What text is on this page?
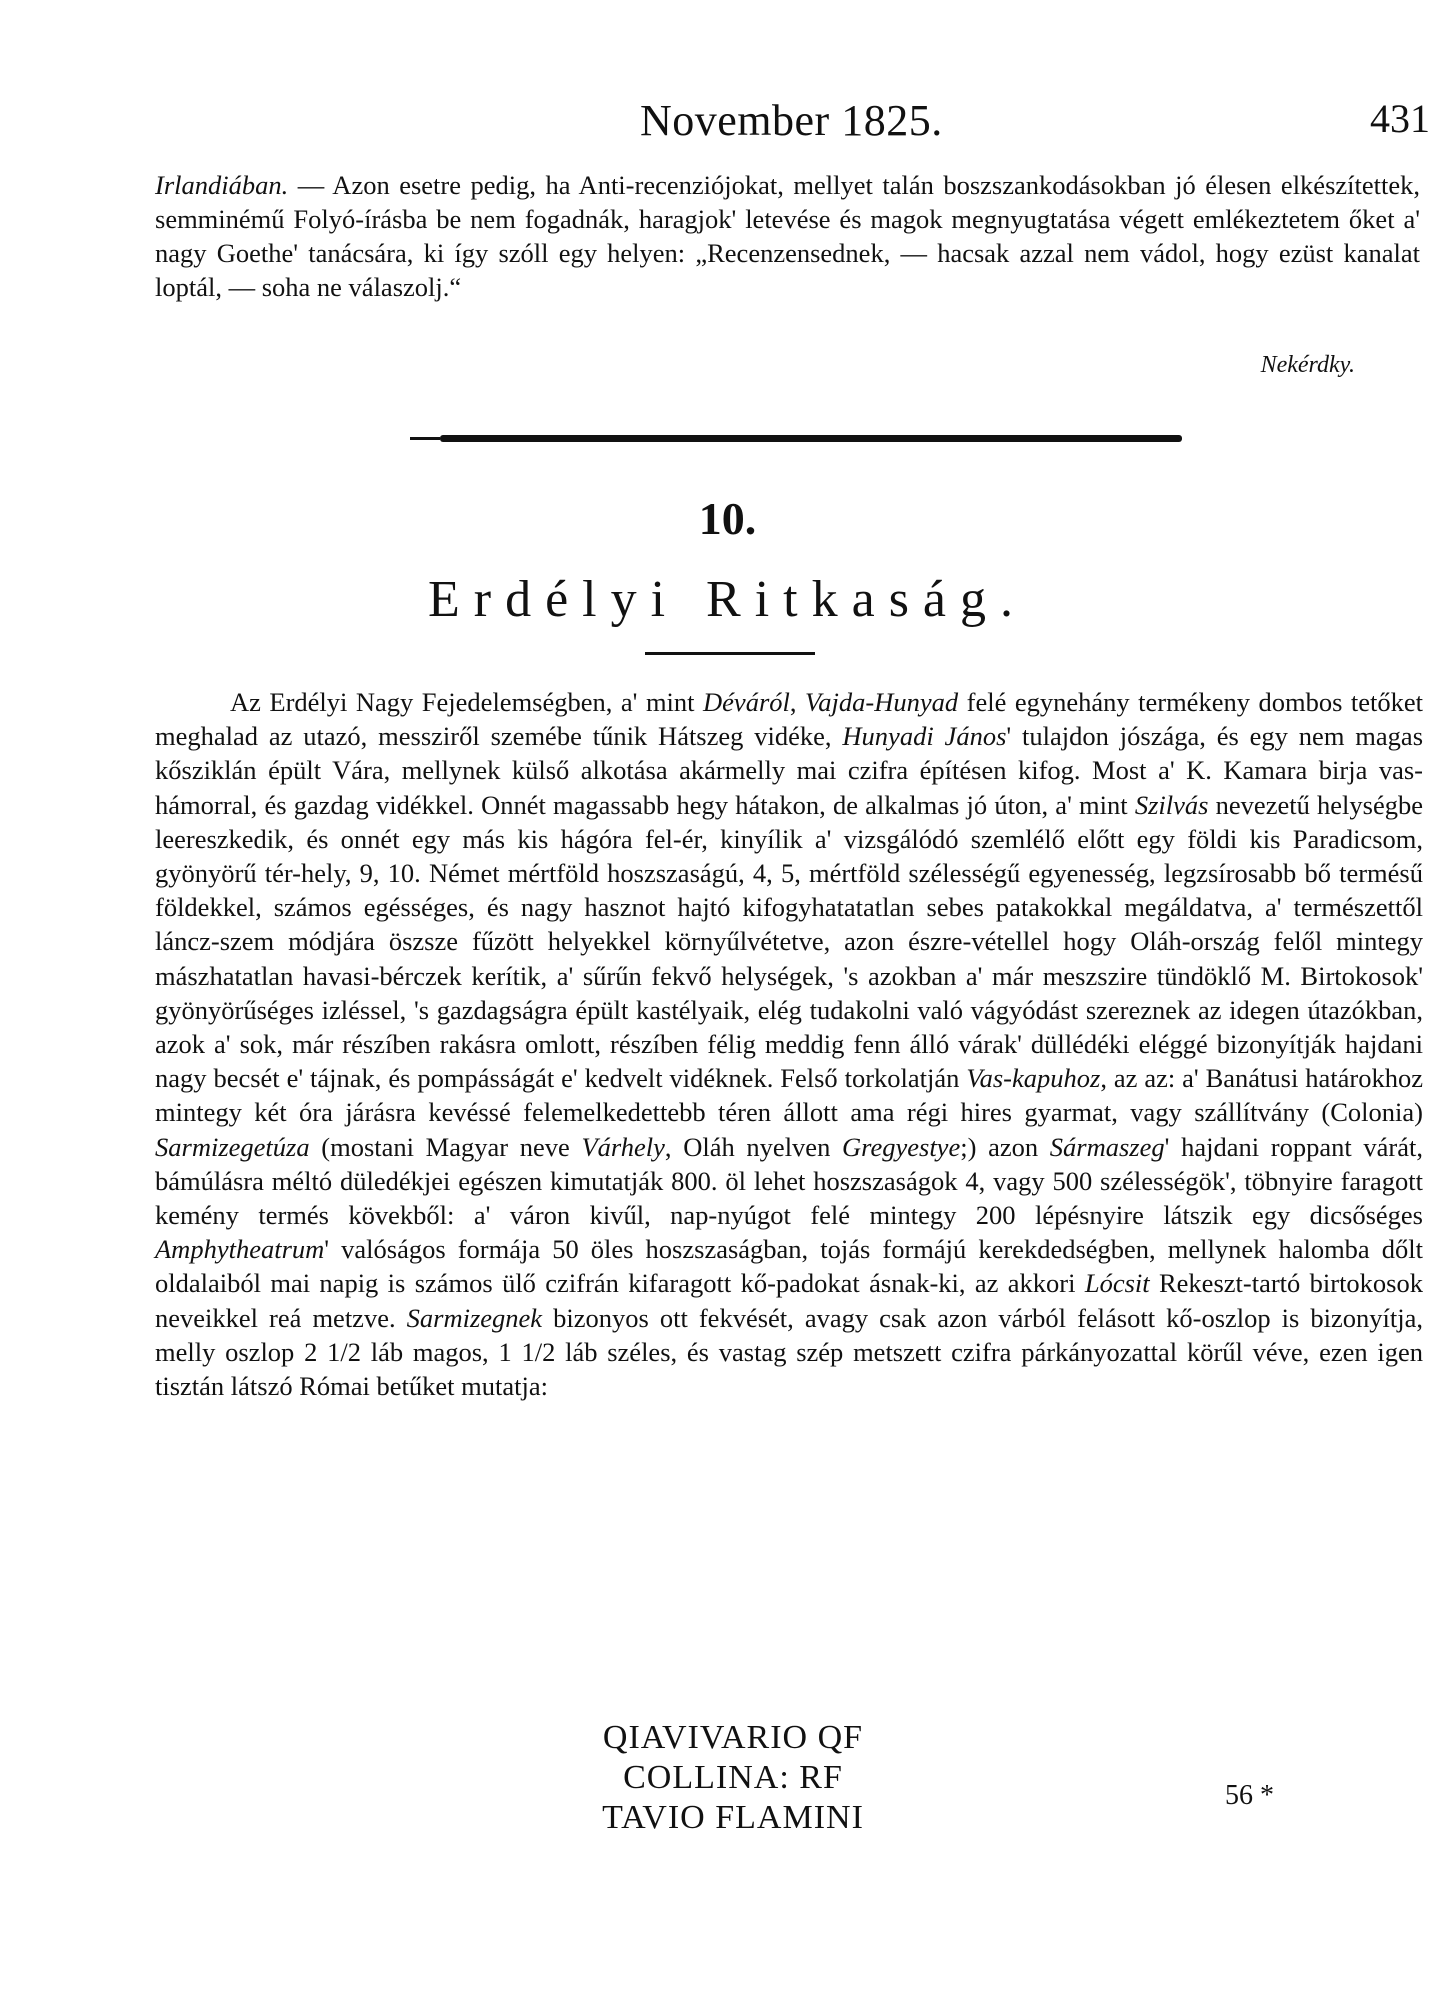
November 1825.	431

Irlandiában. — Azon esetre pedig, ha Anti-recenziójokat, mellyet talán boszszankodásokban jó élesen elkészítettek, semminémű Folyó-írásba be nem fogadnák, haragjok' letevése és magok megnyugtatása végett emlékeztetem őket a' nagy Goethe' tanácsára, ki így szóll egy helyen: „Recenzensednek, — hacsak azzal nem vádol, hogy ezüst kanalat loptál, — soha ne válaszolj.“

Nekérdky.
10.
Erdélyi Ritkaság.

Az Erdélyi Nagy Fejedelemségben, a' mint Déváról, Vajda-Hunyad felé egynehány termékeny dombos tetőket meghalad az utazó, messziről szemébe tűnik Hátszeg vidéke, Hunyadi János' tulajdon jószága, és egy nem magas kősziklán épült Vára, mellynek külső alkotása akármelly mai czifra építésen kifog. Most a' K. Kamara birja vas-hámorral, és gazdag vidékkel. Onnét magassabb hegy hátakon, de alkalmas jó úton, a' mint Szilvás nevezetű helységbe leereszkedik, és onnét egy más kis hágóra fel-ér, kinyílik a' vizsgálódó szemlélő előtt egy földi kis Paradicsom, gyönyörű tér-hely, 9, 10. Német mértföld hoszszaságú, 4, 5, mértföld szélességű egyenesség, legzsírosabb bő termésű földekkel, számos egésséges, és nagy hasznot hajtó kifogyhatatatlan sebes patakokkal megáldatva, a' természettől láncz-szem módjára öszsze fűzött helyekkel környűlvétetve, azon észre-vétellel hogy Oláh-ország felől mintegy mászhatatlan havasi-bérczek kerítik, a' sűrűn fekvő helységek, 's azokban a' már meszszire tündöklő M. Birtokosok' gyönyörűséges izléssel, 's gazdagságra épült kastélyaik, elég tudakolni való vágyódást szereznek az idegen útazókban, azok a' sok, már részíben rakásra omlott, részíben félig meddig fenn álló várak' düllédéki eléggé bizonyítják hajdani nagy becsét e' tájnak, és pompásságát e' kedvelt vidéknek. Felső torkolatján Vas-kapuhoz, az az: a' Banátusi határokhoz mintegy két óra járásra kevéssé felemelkedettebb téren állott ama régi hires gyarmat, vagy szállítvány (Colonia) Sarmizegetúza (mostani Magyar neve Várhely, Oláh nyelven Gregyestye;) azon Sármaszeg' hajdani roppant várát, bámúlásra méltó düledékjei egészen kimutatják 800. öl lehet hoszszaságok 4, vagy 500 szélességök', töbnyire faragott kemény termés kövekből: a' váron kivűl, nap-nyúgot felé mintegy 200 lépésnyire látszik egy dicsőséges Amphytheatrum' valóságos formája 50 öles hoszszaságban, tojás formájú kerekdedségben, mellynek halomba dőlt oldalaiból mai napig is számos ülő czifrán kifaragott kő-padokat ásnak-ki, az akkori Lócsit Rekeszt-tartó birtokosok neveikkel reá metzve. Sarmizegnek bizonyos ott fekvését, avagy csak azon várból felásott kő-oszlop is bizonyítja, melly oszlop 2 1/2 láb magos, 1 1/2 láb széles, és vastag szép metszett czifra párkányozattal körűl véve, ezen igen tisztán látszó Római betűket mutatja:

QIAVIVARIO QF
COLLINA: RF
TAVIO FLAMINI
56 *
